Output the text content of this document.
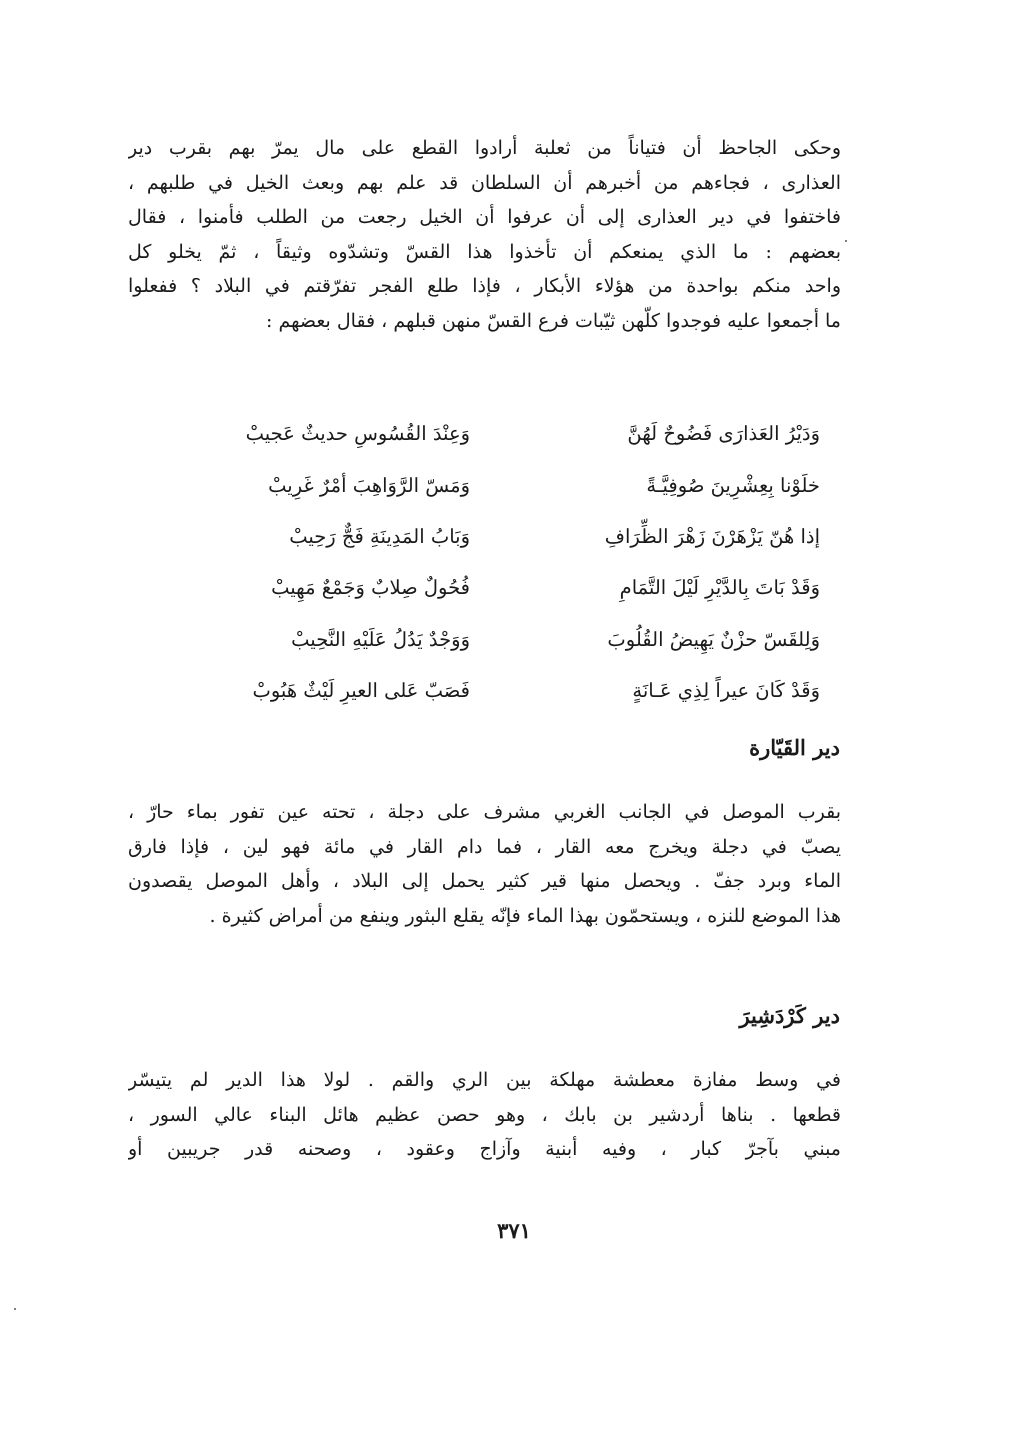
وحكى الجاحظ أن فتياناً من ثعلبة أرادوا القطع على مال يمرّ بهم بقرب دير
العذارى ، فجاءهم من أخبرهم أن السلطان قد علم بهم وبعث الخيل في طلبهم ،
فاختفوا في دير العذارى إلى أن عرفوا أن الخيل رجعت من الطلب فأمنوا ، فقال
بعضهم : ما الذي يمنعكم أن تأخذوا هذا القسّ وتشدّوه وثيقاً ، ثمّ يخلو كل
واحد منكم بواحدة من هؤلاء الأبكار ، فإذا طلع الفجر تفرّقتم في البلاد ؟ ففعلوا
ما أجمعوا عليه فوجدوا كلّهن ثيّبات فرع القسّ منهن قبلهم ، فقال بعضهم :
وَدَيْرُ العَذارَى فَضُوحٌ لَهُنَّ
وَعِنْدَ القُسُوسِ حديثٌ عَجيبْ
خلَوْنا بِعِشْرِينَ صُوفِيَّـةً
وَمَسّ الرَّوَاهِبَ أمْرٌ غَرِيبْ
إذا هُنّ يَزْهَرْنَ زَهْرَ الظِّرَافِ
وَبَابُ المَدِينَةِ فَجٌّ رَحِيبْ
وَقَدْ بَاتَ بِالدَّيْرِ لَيْلَ التَّمَامِ
فُحُولٌ صِلابٌ وَجَمْعٌ مَهِيبْ
وَلِلقَسّ حزْنٌ يَهِيضُ القُلُوبَ
وَوَجْدٌ يَدُلُ عَلَيْهِ النَّحِيبْ
وَقَدْ كَانَ عيراً لِذِي عَـانَةٍ
فَصَبّ عَلى العيرِ لَيْثٌ هَبُوبْ
دير القَيّارة
بقرب الموصل في الجانب الغربي مشرف على دجلة ، تحته عين تفور بماء حارّ ،
يصبّ في دجلة ويخرج معه القار ، فما دام القار في مائة فهو لين ، فإذا فارق
الماء وبرد جفّ . ويحصل منها قير كثير يحمل إلى البلاد ، وأهل الموصل يقصدون
هذا الموضع للنزه ، ويستحمّون بهذا الماء فإنّه يقلع البثور وينفع من أمراض كثيرة .
دير كَرْدَشِيرَ
في وسط مفازة معطشة مهلكة بين الري والقم . لولا هذا الدير لم يتيسّر
قطعها . بناها أردشير بن بابك ، وهو حصن عظيم هائل البناء عالي السور ،
مبني بآجرّ كبار ، وفيه أبنية وآزاج وعقود ، وصحنه قدر جريبين أو
٣٧١
